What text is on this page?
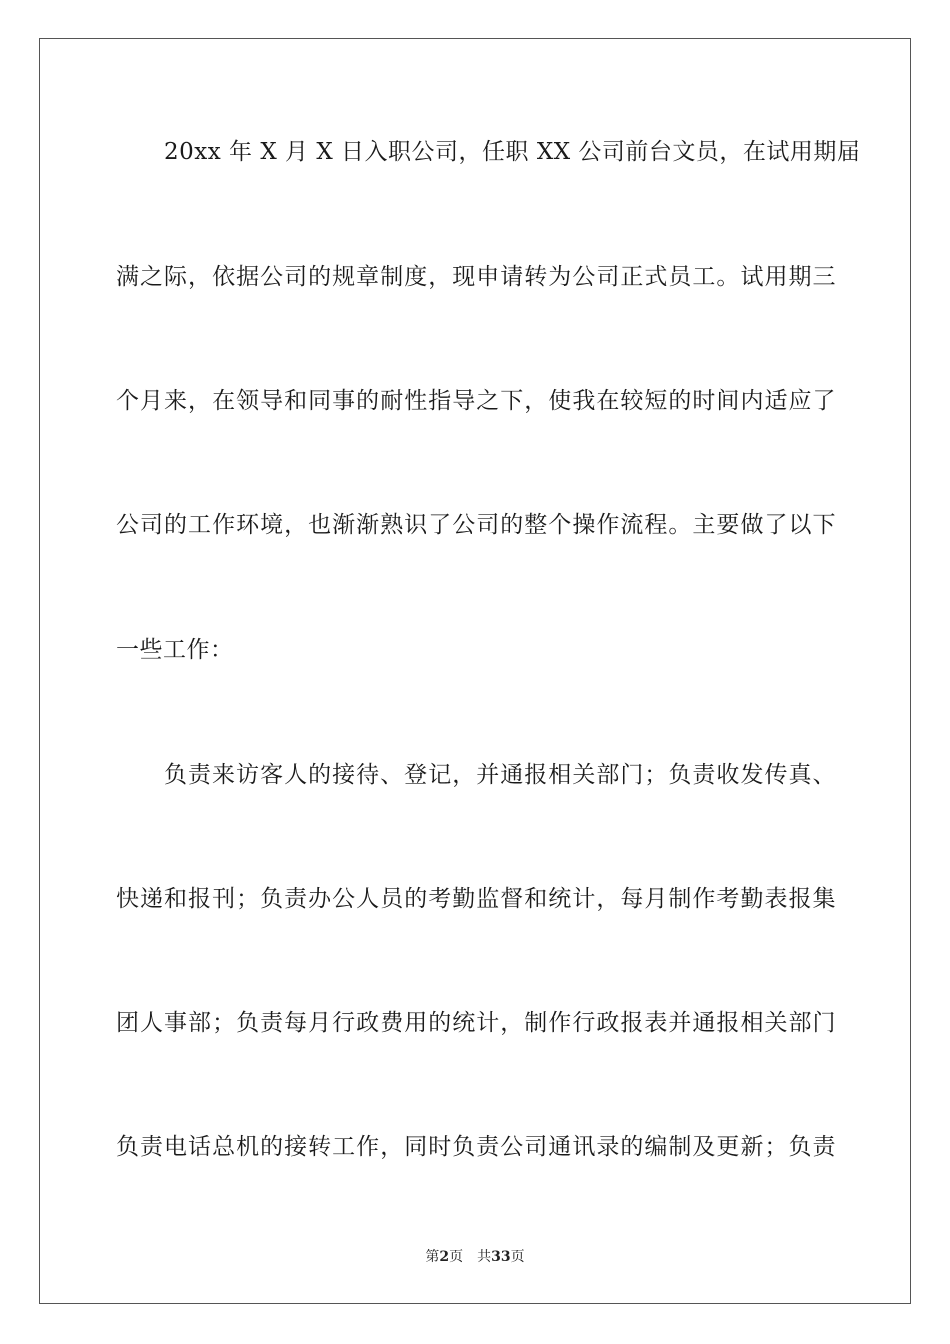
20xx 年 X 月 X 日入职公司，任职 XX 公司前台文员，在试用期届
满之际，依据公司的规章制度，现申请转为公司正式员工。试用期三
个月来，在领导和同事的耐性指导之下，使我在较短的时间内适应了
公司的工作环境，也渐渐熟识了公司的整个操作流程。主要做了以下
一些工作：
负责来访客人的接待、登记，并通报相关部门；负责收发传真、
快递和报刊；负责办公人员的考勤监督和统计，每月制作考勤表报集
团人事部；负责每月行政费用的统计，制作行政报表并通报相关部门
负责电话总机的接转工作，同时负责公司通讯录的编制及更新；负责
第2页 共33页
